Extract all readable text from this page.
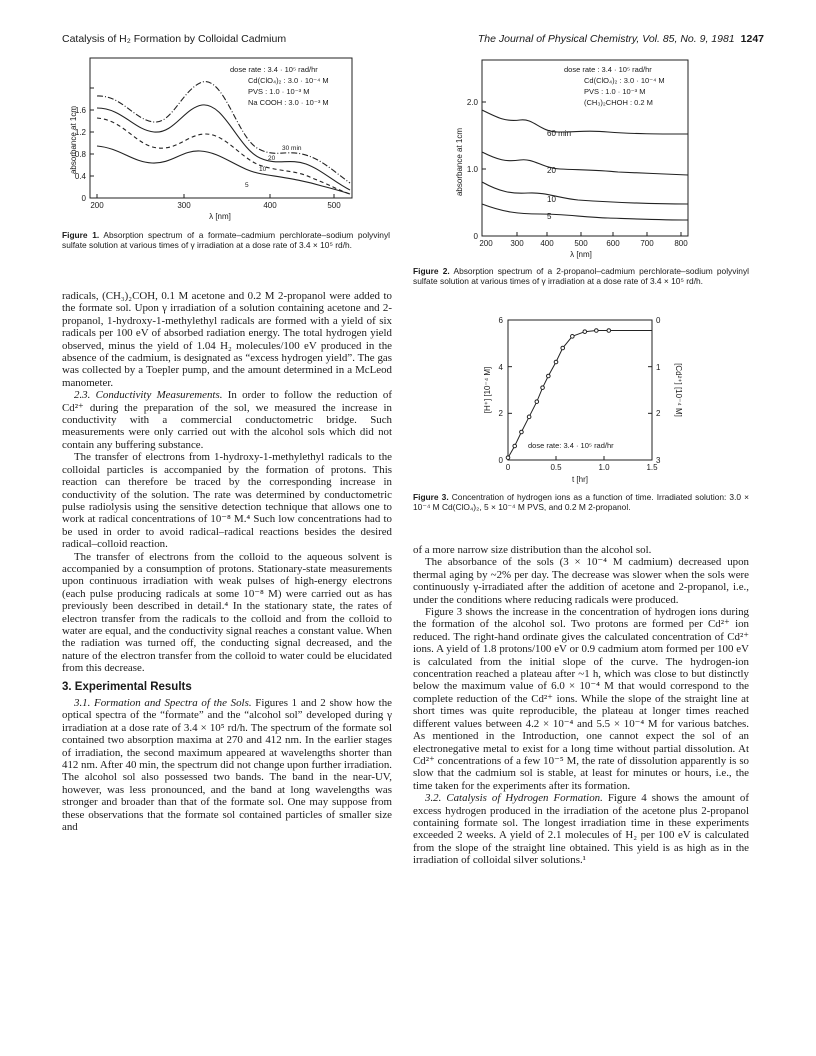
Catalysis of H₂ Formation by Colloidal Cadmium	The Journal of Physical Chemistry, Vol. 85, No. 9, 1981 1247
0
0.4
0.8
1.2
1.6
200	300	400	500
λ [nm]
absorbance at 1cm	30 min
20
10
5
dose rate : 3.4 · 10⁵ rad/hr
Cd(ClO₄)₂ : 3.0 · 10⁻⁴ M
PVS : 1.0 · 10⁻³ M
Na COOH : 3.0 · 10⁻³ M
Figure 1. Absorption spectrum of a formate–cadmium perchlorate–sodium polyvinyl sulfate solution at various times of γ irradiation at a dose rate of 3.4 × 10⁵ rd/h.
0
1.0
2.0
200 300 400	500 600	700	800
λ [nm]
absorbance at 1cm	60 min
20
10
5
dose rate : 3.4 · 10⁵ rad/hr
Cd(ClO₄)₂ : 3.0 · 10⁻⁴ M
PVS : 1.0 · 10⁻³ M
(CH₃)₂CHOH : 0.2 M
Figure 2. Absorption spectrum of a 2-propanol–cadmium perchlorate–sodium polyvinyl sulfate solution at various times of γ irradiation at a dose rate of 3.4 × 10⁵ rd/h.
0
2
4
6	0
1
2
3
0	0.5	1.0	1.5
t [hr]
[H⁺] [10⁻⁴ M]	[Cd²⁺] [10⁻⁴ M]
dose rate: 3.4 · 10⁵ rad/hr
Figure 3. Concentration of hydrogen ions as a function of time. Irradiated solution: 3.0 × 10⁻⁴ M Cd(ClO₄)₂, 5 × 10⁻⁴ M PVS, and 0.2 M 2-propanol.

radicals, (CH₃)₂COH, 0.1 M acetone and 0.2 M 2-propanol were added to the formate sol. Upon γ irradiation of a solution containing acetone and 2-propanol, 1-hydroxy-1-methylethyl radicals are formed with a yield of six radicals per 100 eV of absorbed radiation energy. The total hydrogen yield observed, minus the yield of 1.04 H₂ molecules/100 eV produced in the absence of the cadmium, is designated as “excess hydrogen yield”. The gas was collected by a Toepler pump, and the amount determined in a McLeod manometer.

2.3. Conductivity Measurements. In order to follow the reduction of Cd²⁺ during the preparation of the sol, we measured the increase in conductivity with a commercial conductometric bridge. Such measurements were only carried out with the alcohol sols which did not contain any buffering substance.

The transfer of electrons from 1-hydroxy-1-methylethyl radicals to the colloidal particles is accompanied by the formation of protons. This reaction can therefore be traced by the corresponding increase in conductivity of the solution. The rate was determined by conductometric pulse radiolysis using the sensitive detection technique that allows one to work at radical concentrations of 10⁻⁸ M.⁴ Such low concentrations had to be used in order to avoid radical–radical reactions besides the desired radical–colloid reaction.

The transfer of electrons from the colloid to the aqueous solvent is accompanied by a consumption of protons. Stationary-state measurements upon continuous irradiation with weak pulses of high-energy electrons (each pulse producing radicals at some 10⁻⁸ M) were carried out as has previously been described in detail.⁴ In the stationary state, the rates of electron transfer from the radicals to the colloid and from the colloid to water are equal, and the conductivity signal reaches a constant value. When the radiation was turned off, the conducting signal decreased, and the nature of the electron transfer from the colloid to water could be elucidated from this decrease.

3. Experimental Results

3.1. Formation and Spectra of the Sols. Figures 1 and 2 show how the optical spectra of the “formate” and the “alcohol sol” developed during γ irradiation at a dose rate of 3.4 × 10⁵ rd/h. The spectrum of the formate sol contained two absorption maxima at 270 and 412 nm. In the earlier stages of irradiation, the second maximum appeared at wavelengths shorter than 412 nm. After 40 min, the spectrum did not change upon further irradiation. The alcohol sol also possessed two bands. The band in the near-UV, however, was less pronounced, and the band at long wavelengths was stronger and broader than that of the formate sol. One may suppose from these observations that the formate sol contained particles of smaller size and

of a more narrow size distribution than the alcohol sol.

The absorbance of the sols (3 × 10⁻⁴ M cadmium) decreased upon thermal aging by ~2% per day. The decrease was slower when the sols were continuously γ-irradiated after the addition of acetone and 2-propanol, i.e., under the conditions where reducing radicals were produced.

Figure 3 shows the increase in the concentration of hydrogen ions during the formation of the alcohol sol. Two protons are formed per Cd²⁺ ion reduced. The right-hand ordinate gives the calculated concentration of Cd²⁺ ions. A yield of 1.8 protons/100 eV or 0.9 cadmium atom formed per 100 eV is calculated from the initial slope of the curve. The hydrogen-ion concentration reached a plateau after ~1 h, which was close to but distinctly below the maximum value of 6.0 × 10⁻⁴ M that would correspond to the complete reduction of the Cd²⁺ ions. While the slope of the straight line at short times was quite reproducible, the plateau at longer times reached different values between 4.2 × 10⁻⁴ and 5.5 × 10⁻⁴ M for various batches. As mentioned in the Introduction, one cannot expect the sol of an electronegative metal to exist for a long time without partial dissolution. At Cd²⁺ concentrations of a few 10⁻⁵ M, the rate of dissolution apparently is so slow that the cadmium sol is stable, at least for minutes or hours, i.e., the time taken for the experiments after its formation.

3.2. Catalysis of Hydrogen Formation. Figure 4 shows the amount of excess hydrogen produced in the irradiation of the acetone plus 2-propanol containing formate sol. The longest irradiation time in these experiments exceeded 2 weeks. A yield of 2.1 molecules of H₂ per 100 eV is calculated from the slope of the straight line obtained. This yield is as high as in the irradiation of colloidal silver solutions.¹
